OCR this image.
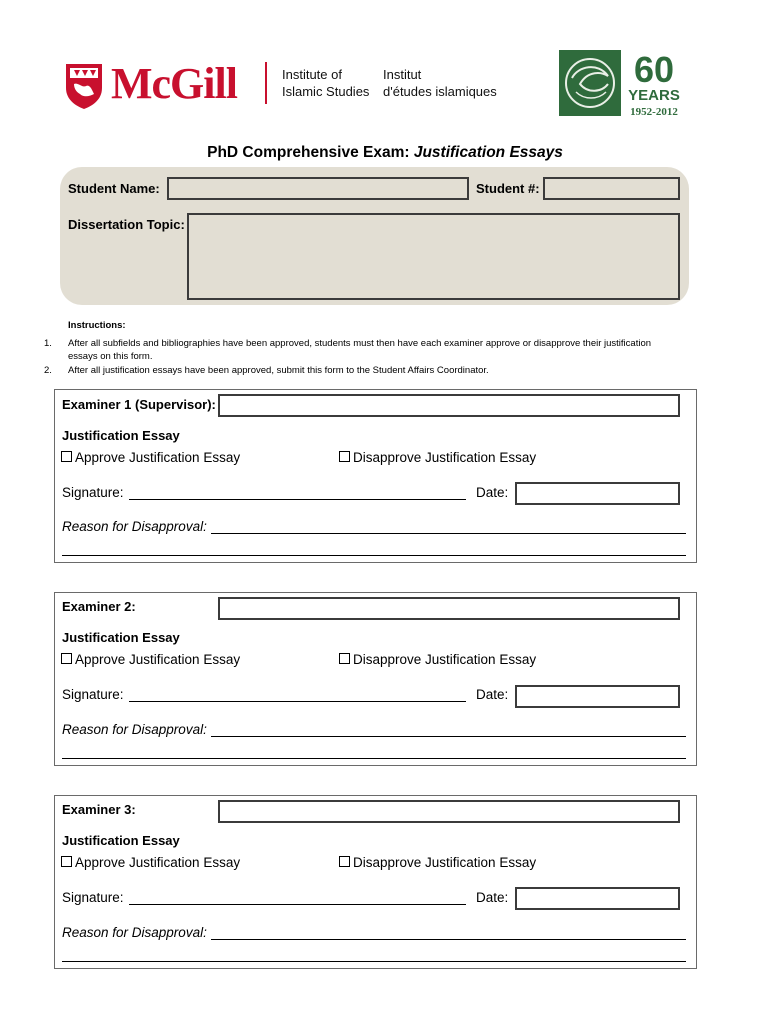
McGill	Institute of
Islamic Studies
Institut
d'études islamiques
60
YEARS
1952-2012
PhD Comprehensive Exam: Justification Essays
Student Name:	Student #:
Dissertation Topic:
Instructions:
1. After all subfields and bibliographies have been approved, students must then have each examiner approve or disapprove their justification essays on this form.
2. After all justification essays have been approved, submit this form to the Student Affairs Coordinator.
Examiner 1 (Supervisor):
Justification Essay
Approve Justification Essay	Disapprove Justification Essay
Signature:	Date:
Reason for Disapproval:
Examiner 2:
Justification Essay
Approve Justification Essay	Disapprove Justification Essay
Signature:	Date:
Reason for Disapproval:
Examiner 3:
Justification Essay
Approve Justification Essay	Disapprove Justification Essay
Signature:	Date:
Reason for Disapproval:
